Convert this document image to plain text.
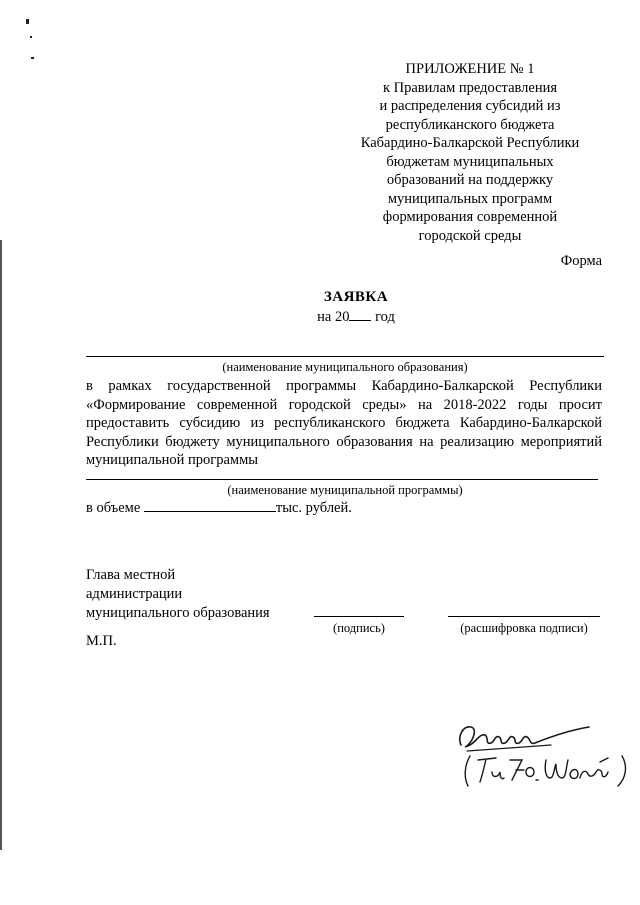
ПРИЛОЖЕНИЕ № 1
к Правилам предоставления
и распределения субсидий из
республиканского бюджета
Кабардино-Балкарской Республики
бюджетам муниципальных
образований на поддержку
муниципальных программ
формирования современной
городской среды
Форма
ЗАЯВКА
на 20 год
(наименование муниципального образования)
в рамках государственной программы Кабардино-Балкарской Республики «Формирование современной городской среды» на 2018-2022 годы просит предоставить субсидию из республиканского бюджета Кабардино-Балкарской Республики бюджету муниципального образования на реализацию мероприятий муниципальной программы
(наименование муниципальной программы)
в объеме	тыс. рублей.
Глава местной
администрации
муниципального образования
(подпись)	(расшифровка подписи)
М.П.
